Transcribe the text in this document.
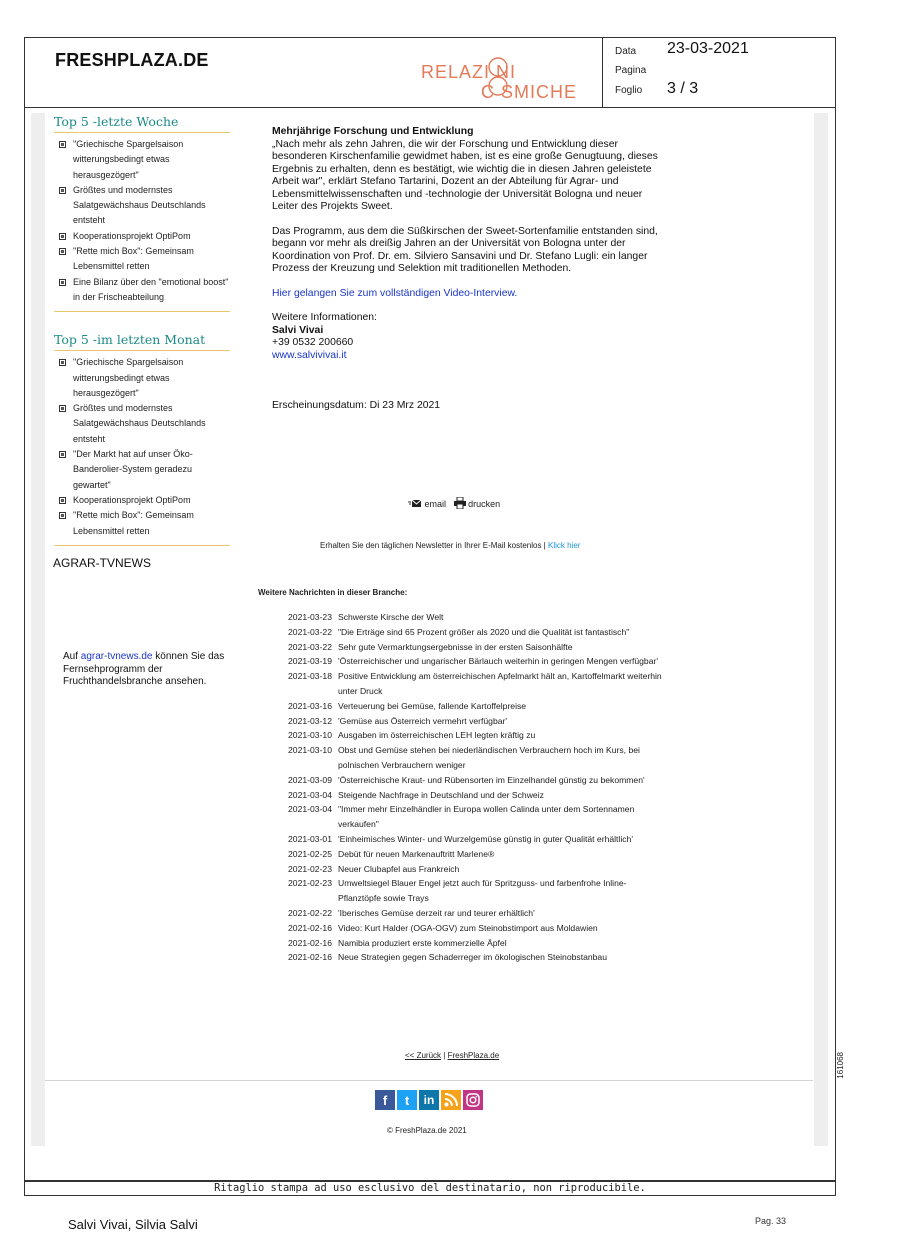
FRESHPLAZA.DE
RELAZI NI
C SMICHE
Data 23-03-2021
Pagina
Foglio 3 / 3
Top 5 -letzte Woche
"Griechische Spargelsaison witterungsbedingt etwas herausgezögert"
Größtes und modernstes Salatgewächshaus Deutschlands entsteht
Kooperationsprojekt OptiPom
"Rette mich Box": Gemeinsam Lebensmittel retten
Eine Bilanz über den "emotional boost" in der Frischeabteilung
Top 5 -im letzten Monat
"Griechische Spargelsaison witterungsbedingt etwas herausgezögert"
Größtes und modernstes Salatgewächshaus Deutschlands entsteht
"Der Markt hat auf unser Öko-Banderolier-System geradezu gewartet"
Kooperationsprojekt OptiPom
"Rette mich Box": Gemeinsam Lebensmittel retten
AGRAR-TVNEWS
Auf agrar-tvnews.de können Sie das Fernsehprogramm der Fruchthandelsbranche ansehen.
Mehrjährige Forschung und Entwicklung

„Nach mehr als zehn Jahren, die wir der Forschung und Entwicklung dieser besonderen Kirschenfamilie gewidmet haben, ist es eine große Genugtuung, dieses Ergebnis zu erhalten, denn es bestätigt, wie wichtig die in diesen Jahren geleistete Arbeit war", erklärt Stefano Tartarini, Dozent an der Abteilung für Agrar- und Lebensmittelwissenschaften und -technologie der Universität Bologna und neuer Leiter des Projekts Sweet.

Das Programm, aus dem die Süßkirschen der Sweet-Sortenfamilie entstanden sind, begann vor mehr als dreißig Jahren an der Universität von Bologna unter der Koordination von Prof. Dr. em. Silviero Sansavini und Dr. Stefano Lugli: ein langer Prozess der Kreuzung und Selektion mit traditionellen Methoden.

Hier gelangen Sie zum vollständigen Video-Interview.

Weitere Informationen:
Salvi Vivai
+39 0532 200660
www.salvivivai.it
Erscheinungsdatum: Di 23 Mrz 2021
email drucken
Erhalten Sie den täglichen Newsletter in Ihrer E-Mail kostenlos | Klick hier
Weitere Nachrichten in dieser Branche:
2021-03-23 Schwerste Kirsche der Welt
2021-03-22 "Die Erträge sind 65 Prozent größer als 2020 und die Qualität ist fantastisch"
2021-03-22 Sehr gute Vermarktungsergebnisse in der ersten Saisonhälfte
2021-03-19 'Österreichischer und ungarischer Bärlauch weiterhin in geringen Mengen verfügbar'
2021-03-18 Positive Entwicklung am österreichischen Apfelmarkt hält an, Kartoffelmarkt weiterhin unter Druck
2021-03-16 Verteuerung bei Gemüse, fallende Kartoffelpreise
2021-03-12 'Gemüse aus Österreich vermehrt verfügbar'
2021-03-10 Ausgaben im österreichischen LEH legten kräftig zu
2021-03-10 Obst und Gemüse stehen bei niederländischen Verbrauchern hoch im Kurs, bei polnischen Verbrauchern weniger
2021-03-09 'Österreichische Kraut- und Rübensorten im Einzelhandel günstig zu bekommen'
2021-03-04 Steigende Nachfrage in Deutschland und der Schweiz
2021-03-04 "Immer mehr Einzelhändler in Europa wollen Calinda unter dem Sortennamen verkaufen"
2021-03-01 'Einheimisches Winter- und Wurzelgemüse günstig in guter Qualität erhältlich'
2021-02-25 Debüt für neuen Markenauftritt Marlene®
2021-02-23 Neuer Clubapfel aus Frankreich
2021-02-23 Umweltsiegel Blauer Engel jetzt auch für Spritzguss- und farbenfrohe Inline-Pflanztöpfe sowie Trays
2021-02-22 'Iberisches Gemüse derzeit rar und teurer erhältlich'
2021-02-16 Video: Kurt Halder (OGA-OGV) zum Steinobstimport aus Moldawien
2021-02-16 Namibia produziert erste kommerzielle Äpfel
2021-02-16 Neue Strategien gegen Schaderreger im ökologischen Steinobstanbau
<< Zurück | FreshPlaza.de
f	t	in
© FreshPlaza.de 2021
161068
Ritaglio stampa ad uso esclusivo del destinatario, non riproducibile.
Salvi Vivai, Silvia Salvi	Pag. 33
